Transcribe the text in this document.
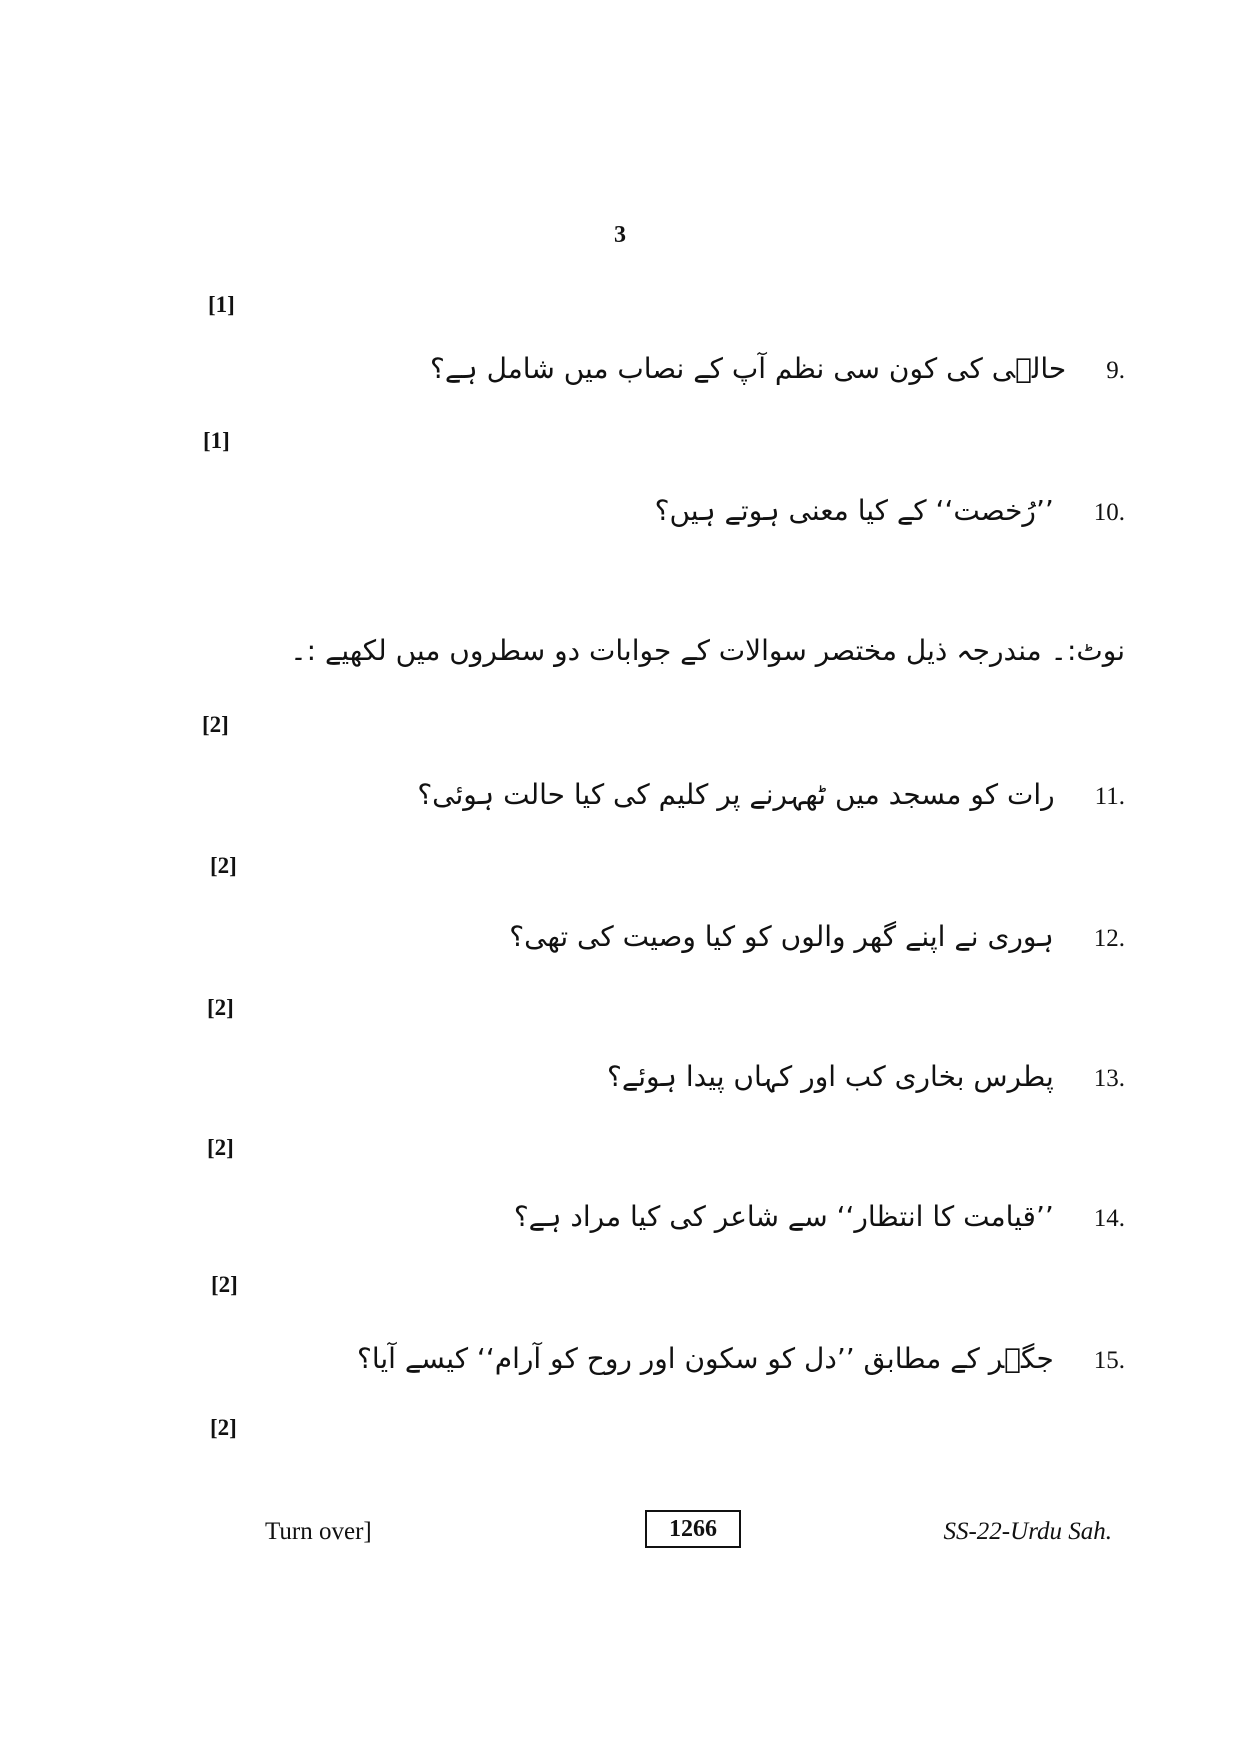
3
[1]
9.حالؔی کی کون سی نظم آپ کے نصاب میں شامل ہے؟
[1]
10.’’رُخصت‘‘ کے کیا معنی ہوتے ہیں؟
نوٹ:۔ مندرجہ ذیل مختصر سوالات کے جوابات دو سطروں میں لکھیے :۔
[2]
11.رات کو مسجد میں ٹھہرنے پر کلیم کی کیا حالت ہوئی؟
[2]
12.ہوری نے اپنے گھر والوں کو کیا وصیت کی تھی؟
[2]
13.پطرس بخاری کب اور کہاں پیدا ہوئے؟
[2]
14.’’قیامت کا انتظار‘‘ سے شاعر کی کیا مراد ہے؟
[2]
15.جگؔر کے مطابق ’’دل کو سکون اور روح کو آرام‘‘ کیسے آیا؟
[2]
Turn over]	1266	SS-22-Urdu Sah.
